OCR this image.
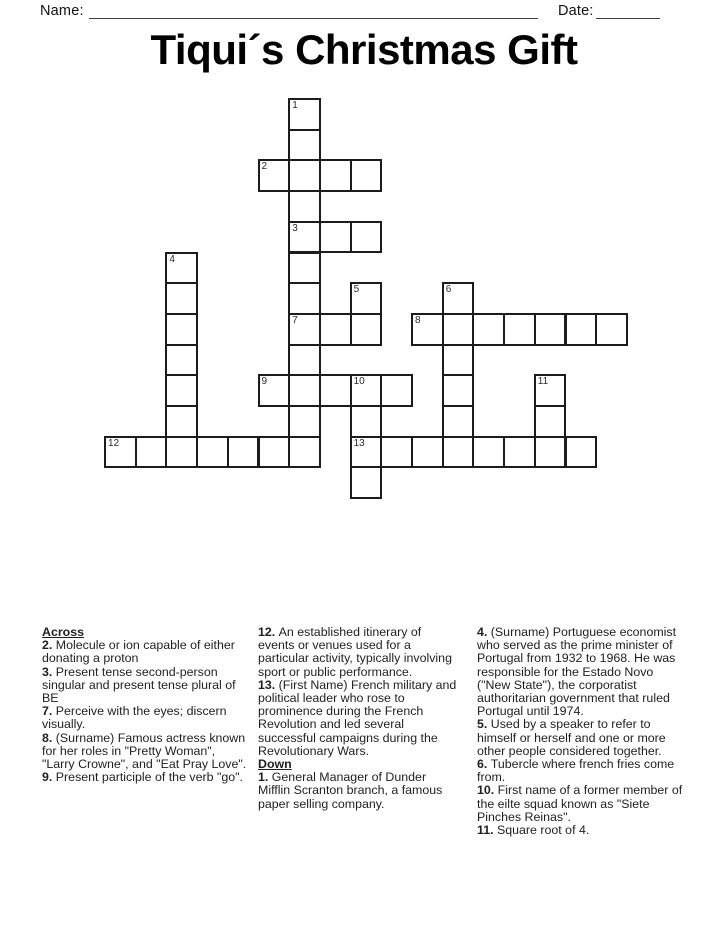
Name:	Date:
Tiqui´s Christmas Gift
1
3
7
2
4
5	6
8
9	10
13
11
12
Across
2. Molecule or ion capable of either donating a proton
3. Present tense second-person singular and present tense plural of BE
7. Perceive with the eyes; discern visually.
8. (Surname) Famous actress known for her roles in "Pretty Woman", "Larry Crowne", and "Eat Pray Love".
9. Present participle of the verb "go".
12. An established itinerary of events or venues used for a particular activity, typically involving sport or public performance.
13. (First Name) French military and political leader who rose to prominence during the French Revolution and led several successful campaigns during the Revolutionary Wars.
Down
1. General Manager of Dunder Mifflin Scranton branch, a famous paper selling company.
4. (Surname) Portuguese economist who served as the prime minister of Portugal from 1932 to 1968. He was responsible for the Estado Novo ("New State"), the corporatist authoritarian government that ruled Portugal until 1974.
5. Used by a speaker to refer to himself or herself and one or more other people considered together.
6. Tubercle where french fries come from.
10. First name of a former member of the eilte squad known as "Siete Pinches Reinas".
11. Square root of 4.
